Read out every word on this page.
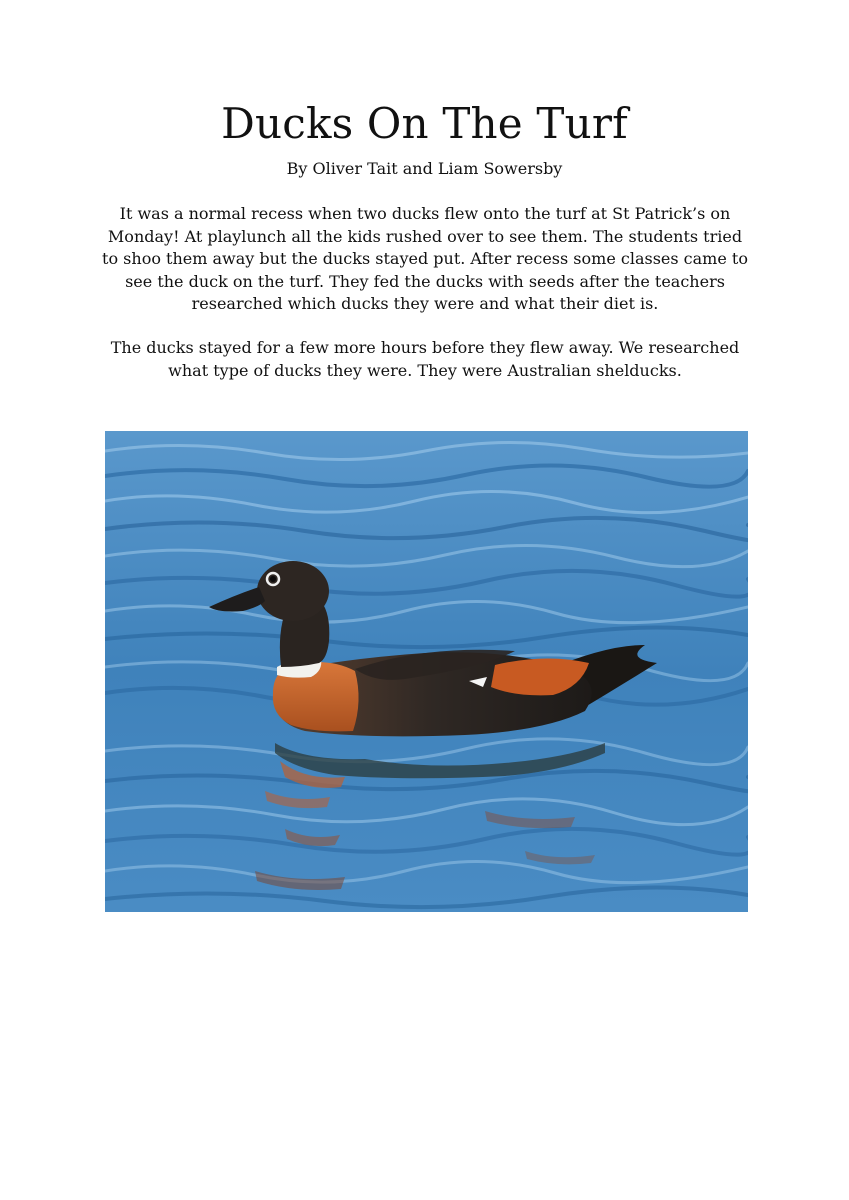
Ducks On The Turf

By Oliver Tait and Liam Sowersby

It was a normal recess when two ducks flew onto the turf at St Patrick’s on Monday! At playlunch all the kids rushed over to see them. The students tried to shoo them away but the ducks stayed put. After recess some classes came to see the duck on the turf. They fed the ducks with seeds after the teachers researched which ducks they were and what their diet is.

The ducks stayed for a few more hours before they flew away. We researched what type of ducks they were. They were Australian shelducks.
